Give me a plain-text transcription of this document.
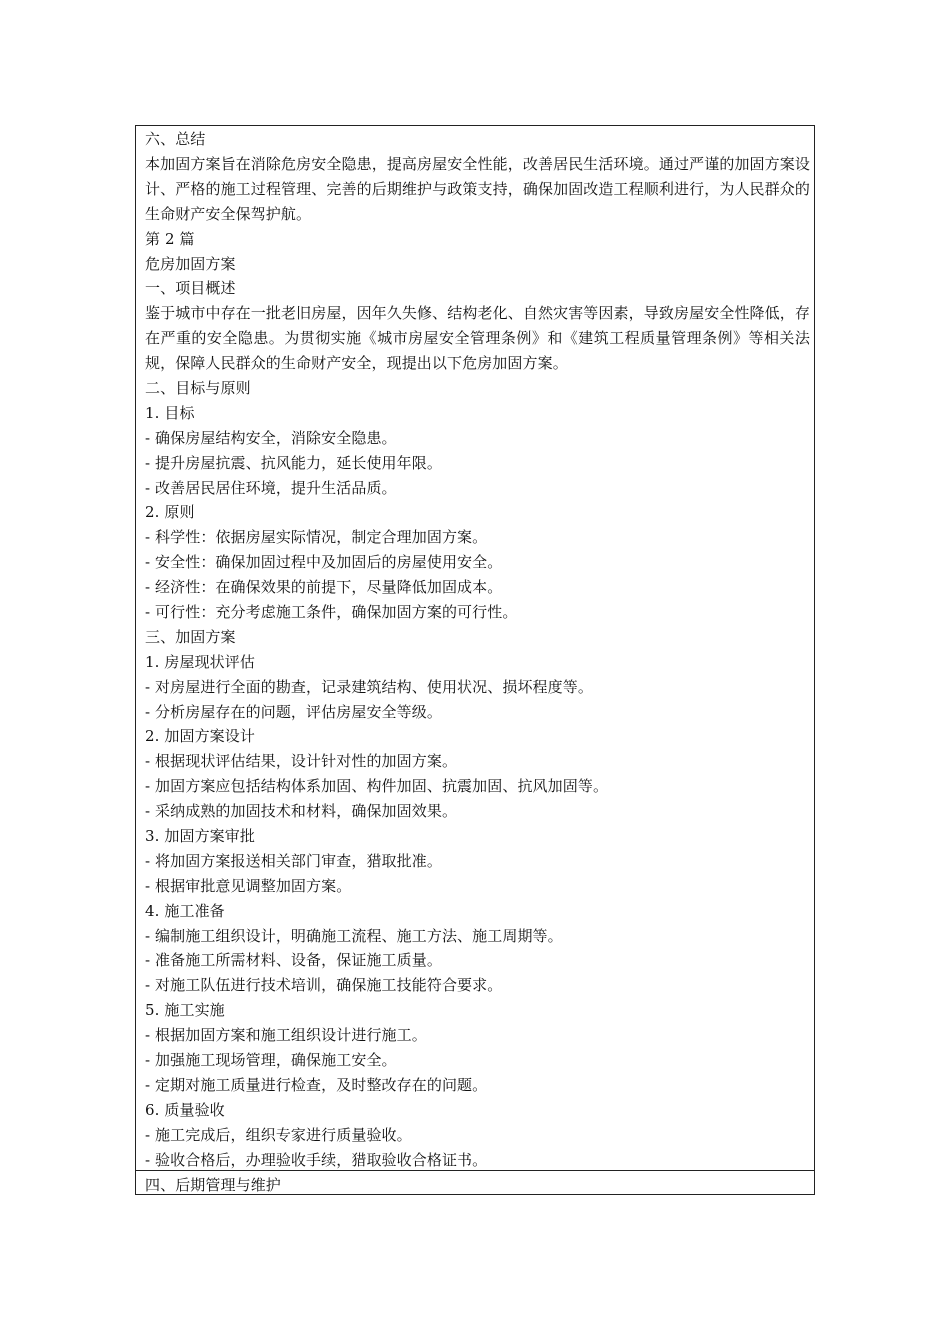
六、总结
本加固方案旨在消除危房安全隐患，提高房屋安全性能，改善居民生活环境。通过严谨的加固方案设计、严格的施工过程管理、完善的后期维护与政策支持，确保加固改造工程顺利进行，为人民群众的生命财产安全保驾护航。
第 2 篇
危房加固方案
一、项目概述
鉴于城市中存在一批老旧房屋，因年久失修、结构老化、自然灾害等因素，导致房屋安全性降低，存在严重的安全隐患。为贯彻实施《城市房屋安全管理条例》和《建筑工程质量管理条例》等相关法规，保障人民群众的生命财产安全，现提出以下危房加固方案。
二、目标与原则
1. 目标
- 确保房屋结构安全，消除安全隐患。
- 提升房屋抗震、抗风能力，延长使用年限。
- 改善居民居住环境，提升生活品质。
2. 原则
- 科学性：依据房屋实际情况，制定合理加固方案。
- 安全性：确保加固过程中及加固后的房屋使用安全。
- 经济性：在确保效果的前提下，尽量降低加固成本。
- 可行性：充分考虑施工条件，确保加固方案的可行性。
三、加固方案
1. 房屋现状评估
- 对房屋进行全面的勘查，记录建筑结构、使用状况、损坏程度等。
- 分析房屋存在的问题，评估房屋安全等级。
2. 加固方案设计
- 根据现状评估结果，设计针对性的加固方案。
- 加固方案应包括结构体系加固、构件加固、抗震加固、抗风加固等。
- 采纳成熟的加固技术和材料，确保加固效果。
3. 加固方案审批
- 将加固方案报送相关部门审查，猎取批准。
- 根据审批意见调整加固方案。
4. 施工准备
- 编制施工组织设计，明确施工流程、施工方法、施工周期等。
- 准备施工所需材料、设备，保证施工质量。
- 对施工队伍进行技术培训，确保施工技能符合要求。
5. 施工实施
- 根据加固方案和施工组织设计进行施工。
- 加强施工现场管理，确保施工安全。
- 定期对施工质量进行检查，及时整改存在的问题。
6. 质量验收
- 施工完成后，组织专家进行质量验收。
- 验收合格后，办理验收手续，猎取验收合格证书。
四、后期管理与维护
